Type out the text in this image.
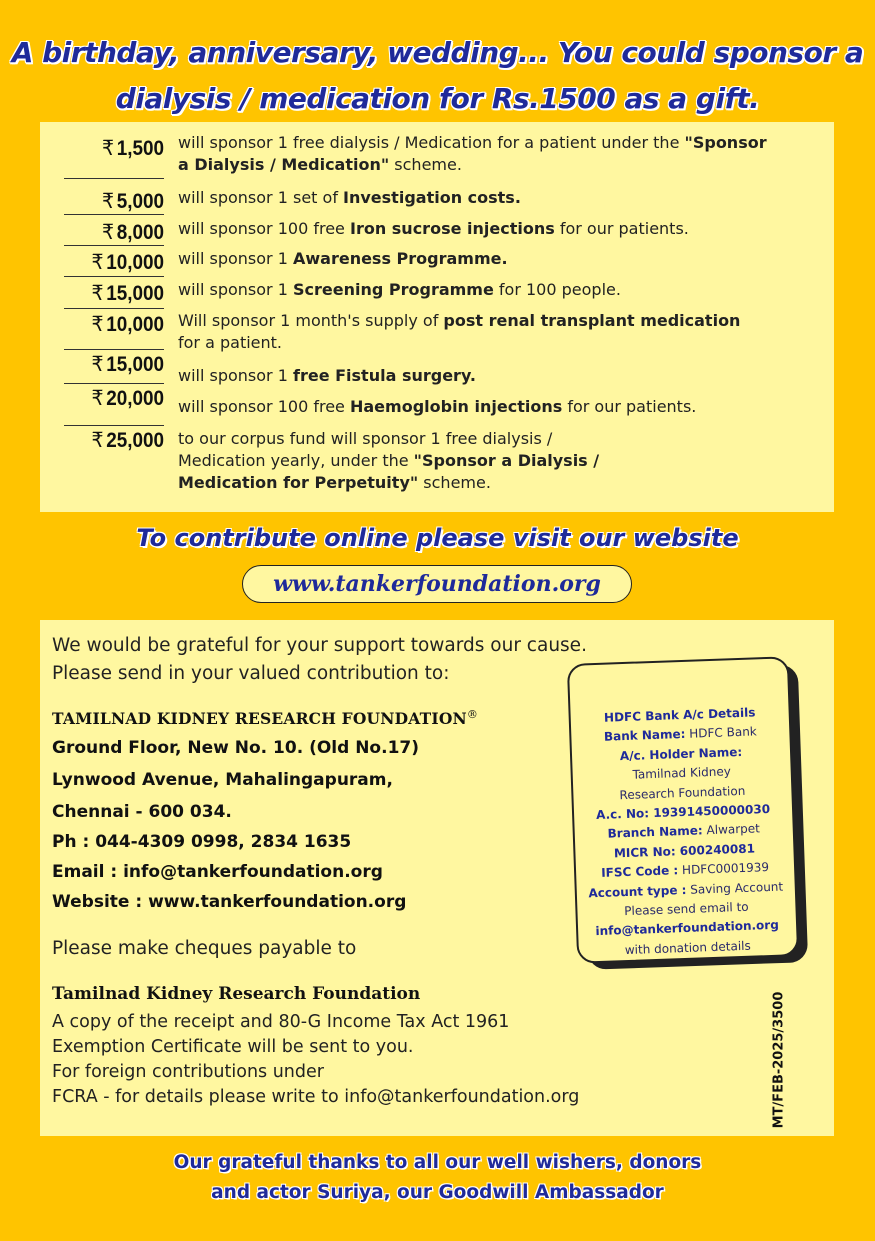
A birthday, anniversary, wedding... You could sponsor a
dialysis / medication for Rs.1500 as a gift.
₹ 1,500 will sponsor 1 free dialysis / Medication for a patient under the "Sponsor a Dialysis / Medication" scheme.
₹ 5,000 will sponsor 1 set of Investigation costs.
₹ 8,000 will sponsor 100 free Iron sucrose injections for our patients.
₹ 10,000 will sponsor 1 Awareness Programme.
₹ 15,000 will sponsor 1 Screening Programme for 100 people.
₹ 10,000 Will sponsor 1 month's supply of post renal transplant medication for a patient.
₹ 15,000 will sponsor 1 free Fistula surgery.
₹ 20,000 will sponsor 100 free Haemoglobin injections for our patients.
₹ 25,000 to our corpus fund will sponsor 1 free dialysis / Medication yearly, under the "Sponsor a Dialysis / Medication for Perpetuity" scheme.
To contribute online please visit our website
www.tankerfoundation.org
We would be grateful for your support towards our cause.
Please send in your valued contribution to:
TAMILNAD KIDNEY RESEARCH FOUNDATION®
Ground Floor, New No. 10. (Old No.17)
Lynwood Avenue, Mahalingapuram,
Chennai - 600 034.
Ph : 044-4309 0998, 2834 1635
Email : info@tankerfoundation.org
Website : www.tankerfoundation.org
Please make cheques payable to
Tamilnad Kidney Research Foundation
A copy of the receipt and 80-G Income Tax Act 1961
Exemption Certificate will be sent to you.
For foreign contributions under
FCRA - for details please write to info@tankerfoundation.org	MT/FEB-2025/3500
HDFC Bank A/c Details
Bank Name: HDFC Bank
A/c. Holder Name:
Tamilnad Kidney
Research Foundation
A.c. No: 19391450000030
Branch Name: Alwarpet
MICR No: 600240081
IFSC Code : HDFC0001939
Account type : Saving Account
Please send email to
info@tankerfoundation.org
with donation details
Our grateful thanks to all our well wishers, donors
and actor Suriya, our Goodwill Ambassador
